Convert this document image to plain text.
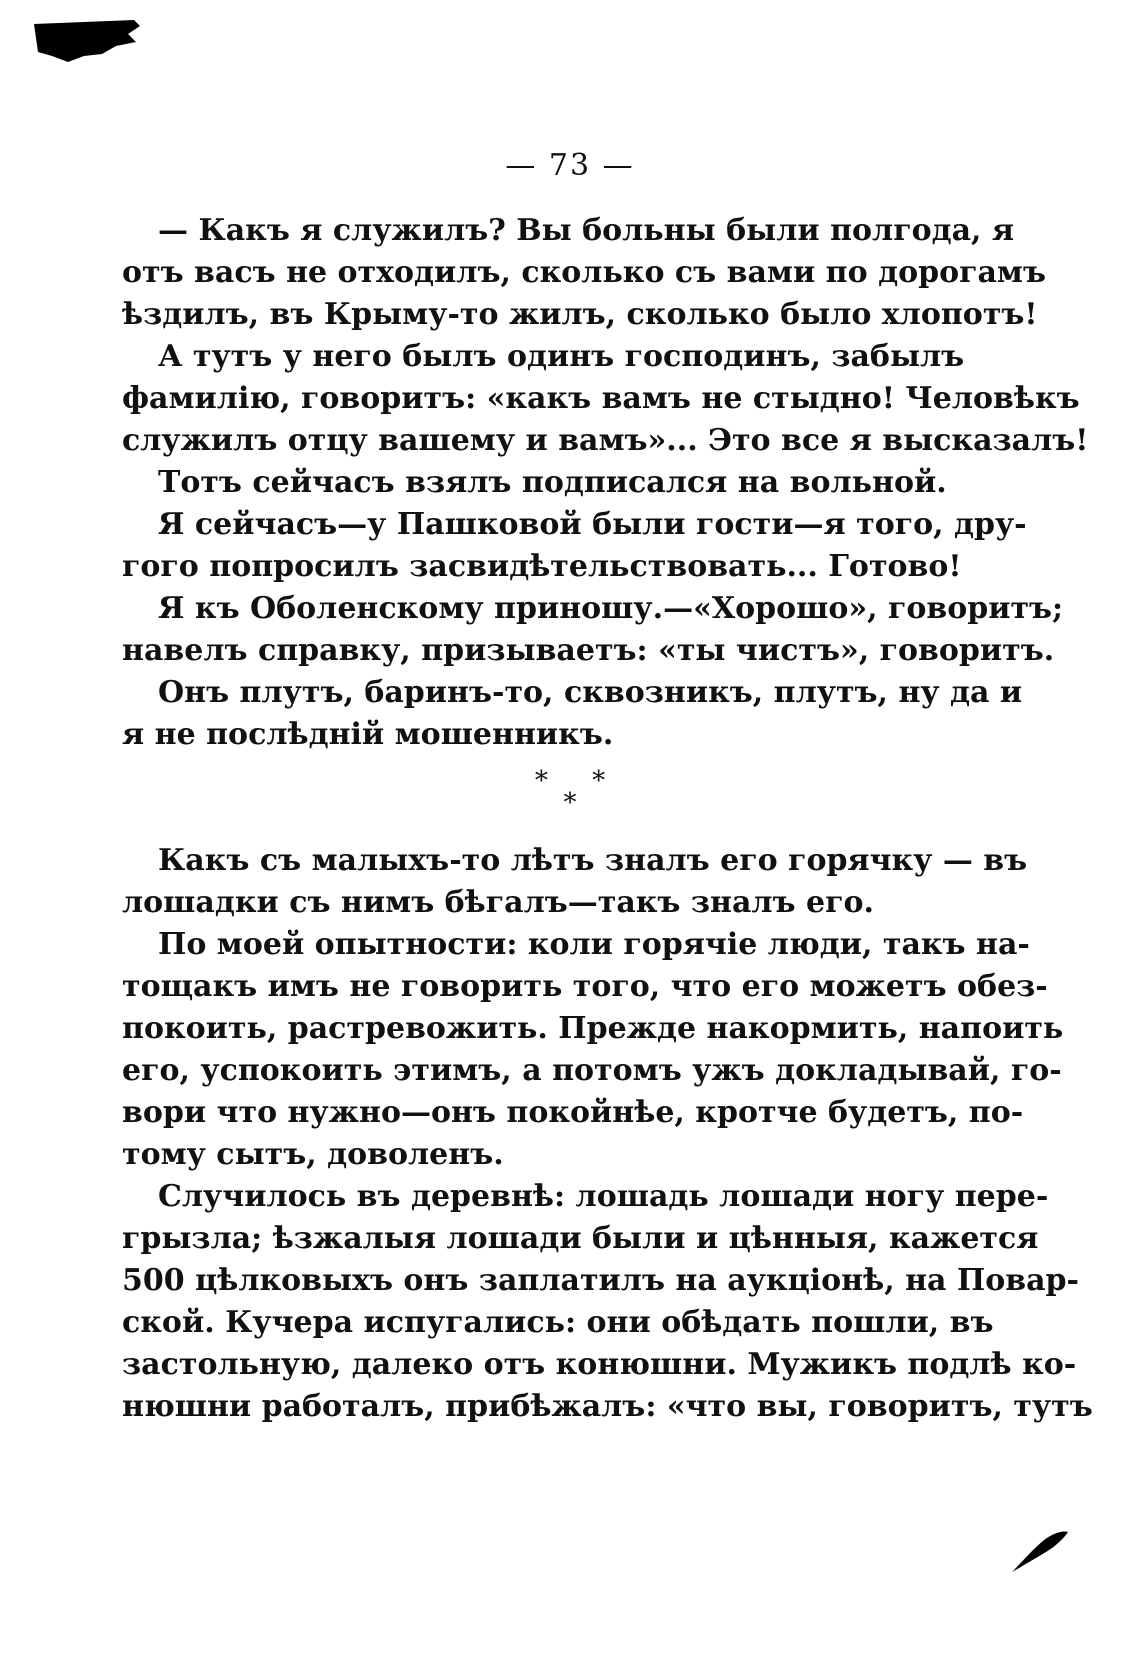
— 73 —
— Какъ я служилъ? Вы больны были полгода, я
отъ васъ не отходилъ, сколько съ вами по дорогамъ
ѣздилъ, въ Крыму-то жилъ, сколько было хлопотъ!
А тутъ у него былъ одинъ господинъ, забылъ
фамилію, говоритъ: «какъ вамъ не стыдно! Человѣкъ
служилъ отцу вашему и вамъ»... Это все я высказалъ!
Тотъ сейчасъ взялъ подписался на вольной.
Я сейчасъ—у Пашковой были гости—я того, дру-
гого попросилъ засвидѣтельствовать... Готово!
Я къ Оболенскому приношу.—«Хорошо», говоритъ;
навелъ справку, призываетъ: «ты чистъ», говоритъ.
Онъ плутъ, баринъ-то, сквозникъ, плутъ, ну да и
я не послѣдній мошенникъ.
* *
*
Какъ съ малыхъ-то лѣтъ зналъ его горячку — въ
лошадки съ нимъ бѣгалъ—такъ зналъ его.
По моей опытности: коли горячіе люди, такъ на-
тощакъ имъ не говорить того, что его можетъ обез-
покоить, растревожить. Прежде накормить, напоить
его, успокоить этимъ, а потомъ ужъ докладывай, го-
вори что нужно—онъ покойнѣе, кротче будетъ, по-
тому сытъ, доволенъ.
Случилось въ деревнѣ: лошадь лошади ногу пере-
грызла; ѣзжалыя лошади были и цѣнныя, кажется
500 цѣлковыхъ онъ заплатилъ на аукціонѣ, на Повар-
ской. Кучера испугались: они обѣдать пошли, въ
застольную, далеко отъ конюшни. Мужикъ подлѣ ко-
нюшни работалъ, прибѣжалъ: «что вы, говоритъ, тутъ
